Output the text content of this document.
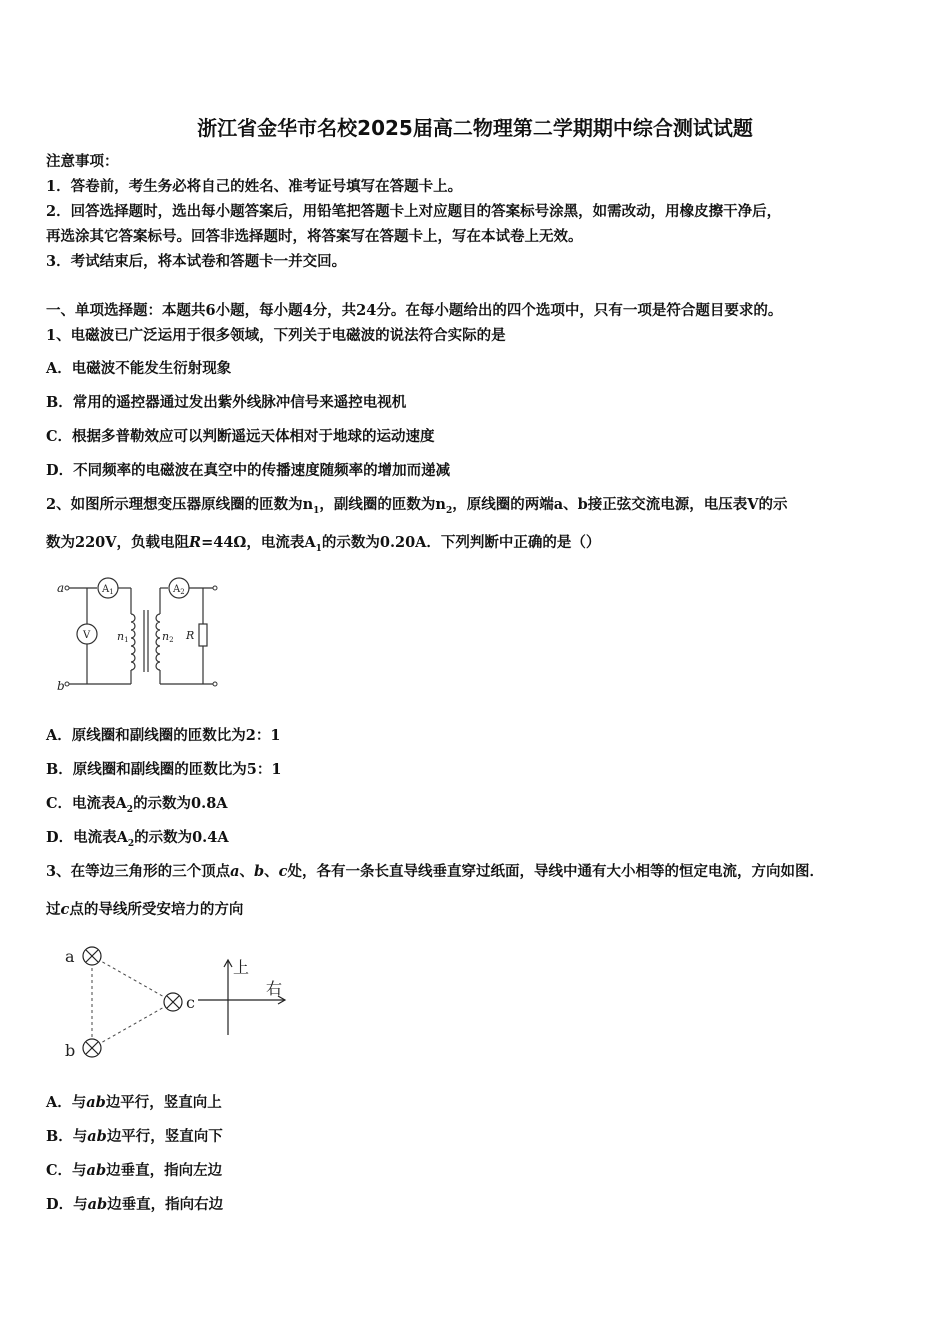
浙江省金华市名校2025届高二物理第二学期期中综合测试试题
注意事项：
1．答卷前，考生务必将自己的姓名、准考证号填写在答题卡上。
2．回答选择题时，选出每小题答案后，用铅笔把答题卡上对应题目的答案标号涂黑，如需改动，用橡皮擦干净后，
再选涂其它答案标号。回答非选择题时，将答案写在答题卡上，写在本试卷上无效。
3．考试结束后，将本试卷和答题卡一并交回。
一、单项选择题：本题共6小题，每小题4分，共24分。在每小题给出的四个选项中，只有一项是符合题目要求的。
1、电磁波已广泛运用于很多领域，下列关于电磁波的说法符合实际的是
A．电磁波不能发生衍射现象
B．常用的遥控器通过发出紫外线脉冲信号来遥控电视机
C．根据多普勒效应可以判断遥远天体相对于地球的运动速度
D．不同频率的电磁波在真空中的传播速度随频率的增加而递减
2、如图所示理想变压器原线圈的匝数为$n_1$，副线圈的匝数为$n_2$，原线圈的两端a、b接正弦交流电源，电压表V的示
数为220V，负载电阻R=44Ω，电流表$A_1$的示数为0.20A．下列判断中正确的是（）
a
b
$A_1$	$A_2$
V n1	n2 R
A．原线圈和副线圈的匝数比为2：1
B．原线圈和副线圈的匝数比为5：1
C．电流表$A_2$的示数为0.8A
D．电流表$A_2$的示数为0.4A
3、在等边三角形的三个顶点a、b、c处，各有一条长直导线垂直穿过纸面，导线中通有大小相等的恒定电流，方向如图．
过c点的导线所受安培力的方向
a
b
c
上
右
A．与ab边平行，竖直向上
B．与ab边平行，竖直向下
C．与ab边垂直，指向左边
D．与ab边垂直，指向右边
